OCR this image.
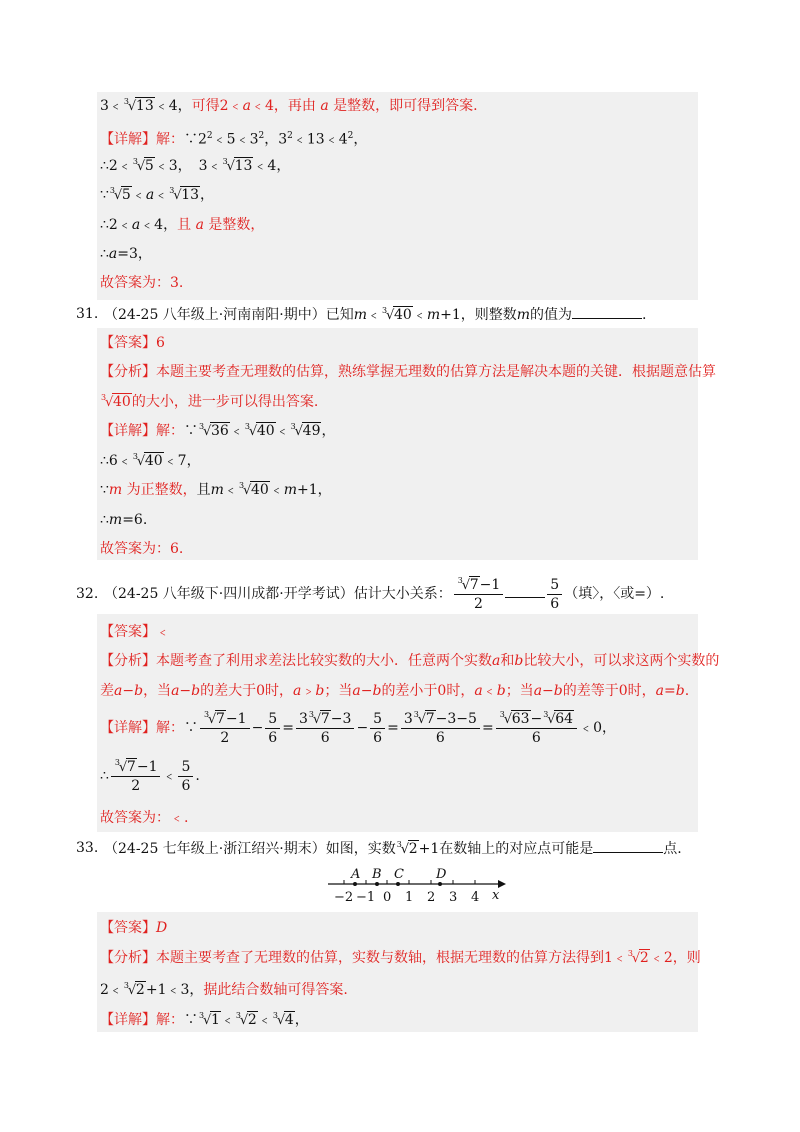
3﹤ 3
√ 13﹤4，可得2﹤a﹤4，再由 a 是整数，即可得到答案.
【详解】解：$\because 2^2﹤5﹤3^2$，$3^2﹤13﹤4^2$，
∴2﹤ 3
√ 5﹤3，　3﹤ 3
√ 13﹤4，
∵ 3
√ 5﹤a﹤ 3
√ 13，
∴2﹤a﹤4，且 a 是整数，
∴a=3，
故答案为：3.
31. （24-25 八年级上·河南南阳·期中）已知m﹤ 3
√ 40﹤m+1，则整数m的值为	.
【答案】6
【分析】本题主要考查无理数的估算，熟练掌握无理数的估算方法是解决本题的关键．根据题意估算
3
√ 40的大小，进一步可以得出答案.
【详解】解：∵ 3
√ 36﹤ 3
√ 40﹤ 3
√ 49，
∴6﹤ 3
√ 40﹤7，
∵m 为正整数，且m﹤ 3
√ 40﹤m+1，
∴m=6.
故答案为：6.
32. （24-25 八年级下·四川成都·开学考试）估计大小关系： 3
√ 7−1
2	$\frac{5}{6}$ （填〉，〈或=）.
【答案】﹤
【分析】本题考查了利用求差法比较实数的大小．任意两个实数a和b比较大小，可以求这两个实数的
差a−b，当a−b的差大于0时，a﹥b；当a−b的差小于0时，a﹤b；当a−b的差等于0时，a=b.
【详解】解：∵ 3
√ 7−1
$2 - \frac{5}{6} = 3$ 3
√ 7−3
$6 - \frac{5}{6} = 3$ 3
√ 7−3−5
6 = 3
√ 63− 3
√ 64
6 ﹤0，
∴ 3
√ 7−1
2 ﹤ $\frac{5}{6}$ .
故答案为：﹤.
33. （24-25 七年级上·浙江绍兴·期末）如图，实数 3
√ 2+1在数轴上的对应点可能是	点.
−2 −1 0 1 2 3 4 x
A B C D
【答案】D
【分析】本题主要考查了无理数的估算，实数与数轴，根据无理数的估算方法得到1﹤ 3
√ 2﹤2，则
2﹤ 3
√ 2+1﹤3，据此结合数轴可得答案.
【详解】解：∵ 3
√ 1﹤ 3
√ 2﹤ 3
√ 4，
